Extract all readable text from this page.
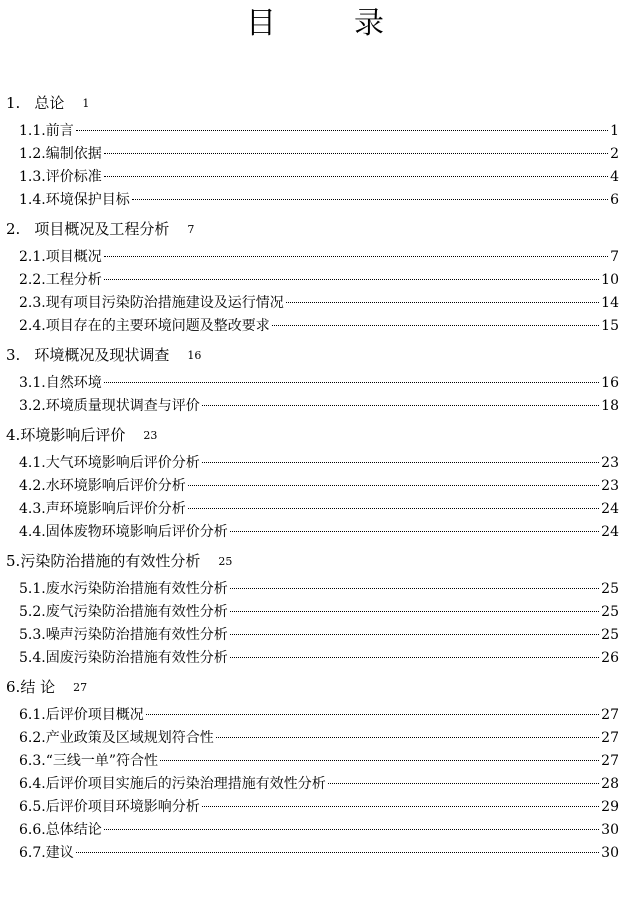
目	录
1. 总论 1
1.1. 前言	1
1.2. 编制依据	2
1.3. 评价标准	4
1.4. 环境保护目标	6
2. 项目概况及工程分析 7
2.1. 项目概况	7
2.2. 工程分析	10
2.3. 现有项目污染防治措施建设及运行情况	14
2.4. 项目存在的主要环境问题及整改要求	15
3. 环境概况及现状调查 16
3.1. 自然环境	16
3.2. 环境质量现状调查与评价	18
4.环境影响后评价 23
4.1. 大气环境影响后评价分析	23
4.2. 水环境影响后评价分析	23
4.3. 声环境影响后评价分析	24
4.4. 固体废物环境影响后评价分析	24
5.污染防治措施的有效性分析 25
5.1. 废水污染防治措施有效性分析	25
5.2. 废气污染防治措施有效性分析	25
5.3. 噪声污染防治措施有效性分析	25
5.4. 固废污染防治措施有效性分析	26
6.结 论 27
6.1. 后评价项目概况	27
6.2. 产业政策及区域规划符合性	27
6.3. “三线一单”符合性	27
6.4. 后评价项目实施后的污染治理措施有效性分析	28
6.5. 后评价项目环境影响分析	29
6.6. 总体结论	30
6.7. 建议	30
